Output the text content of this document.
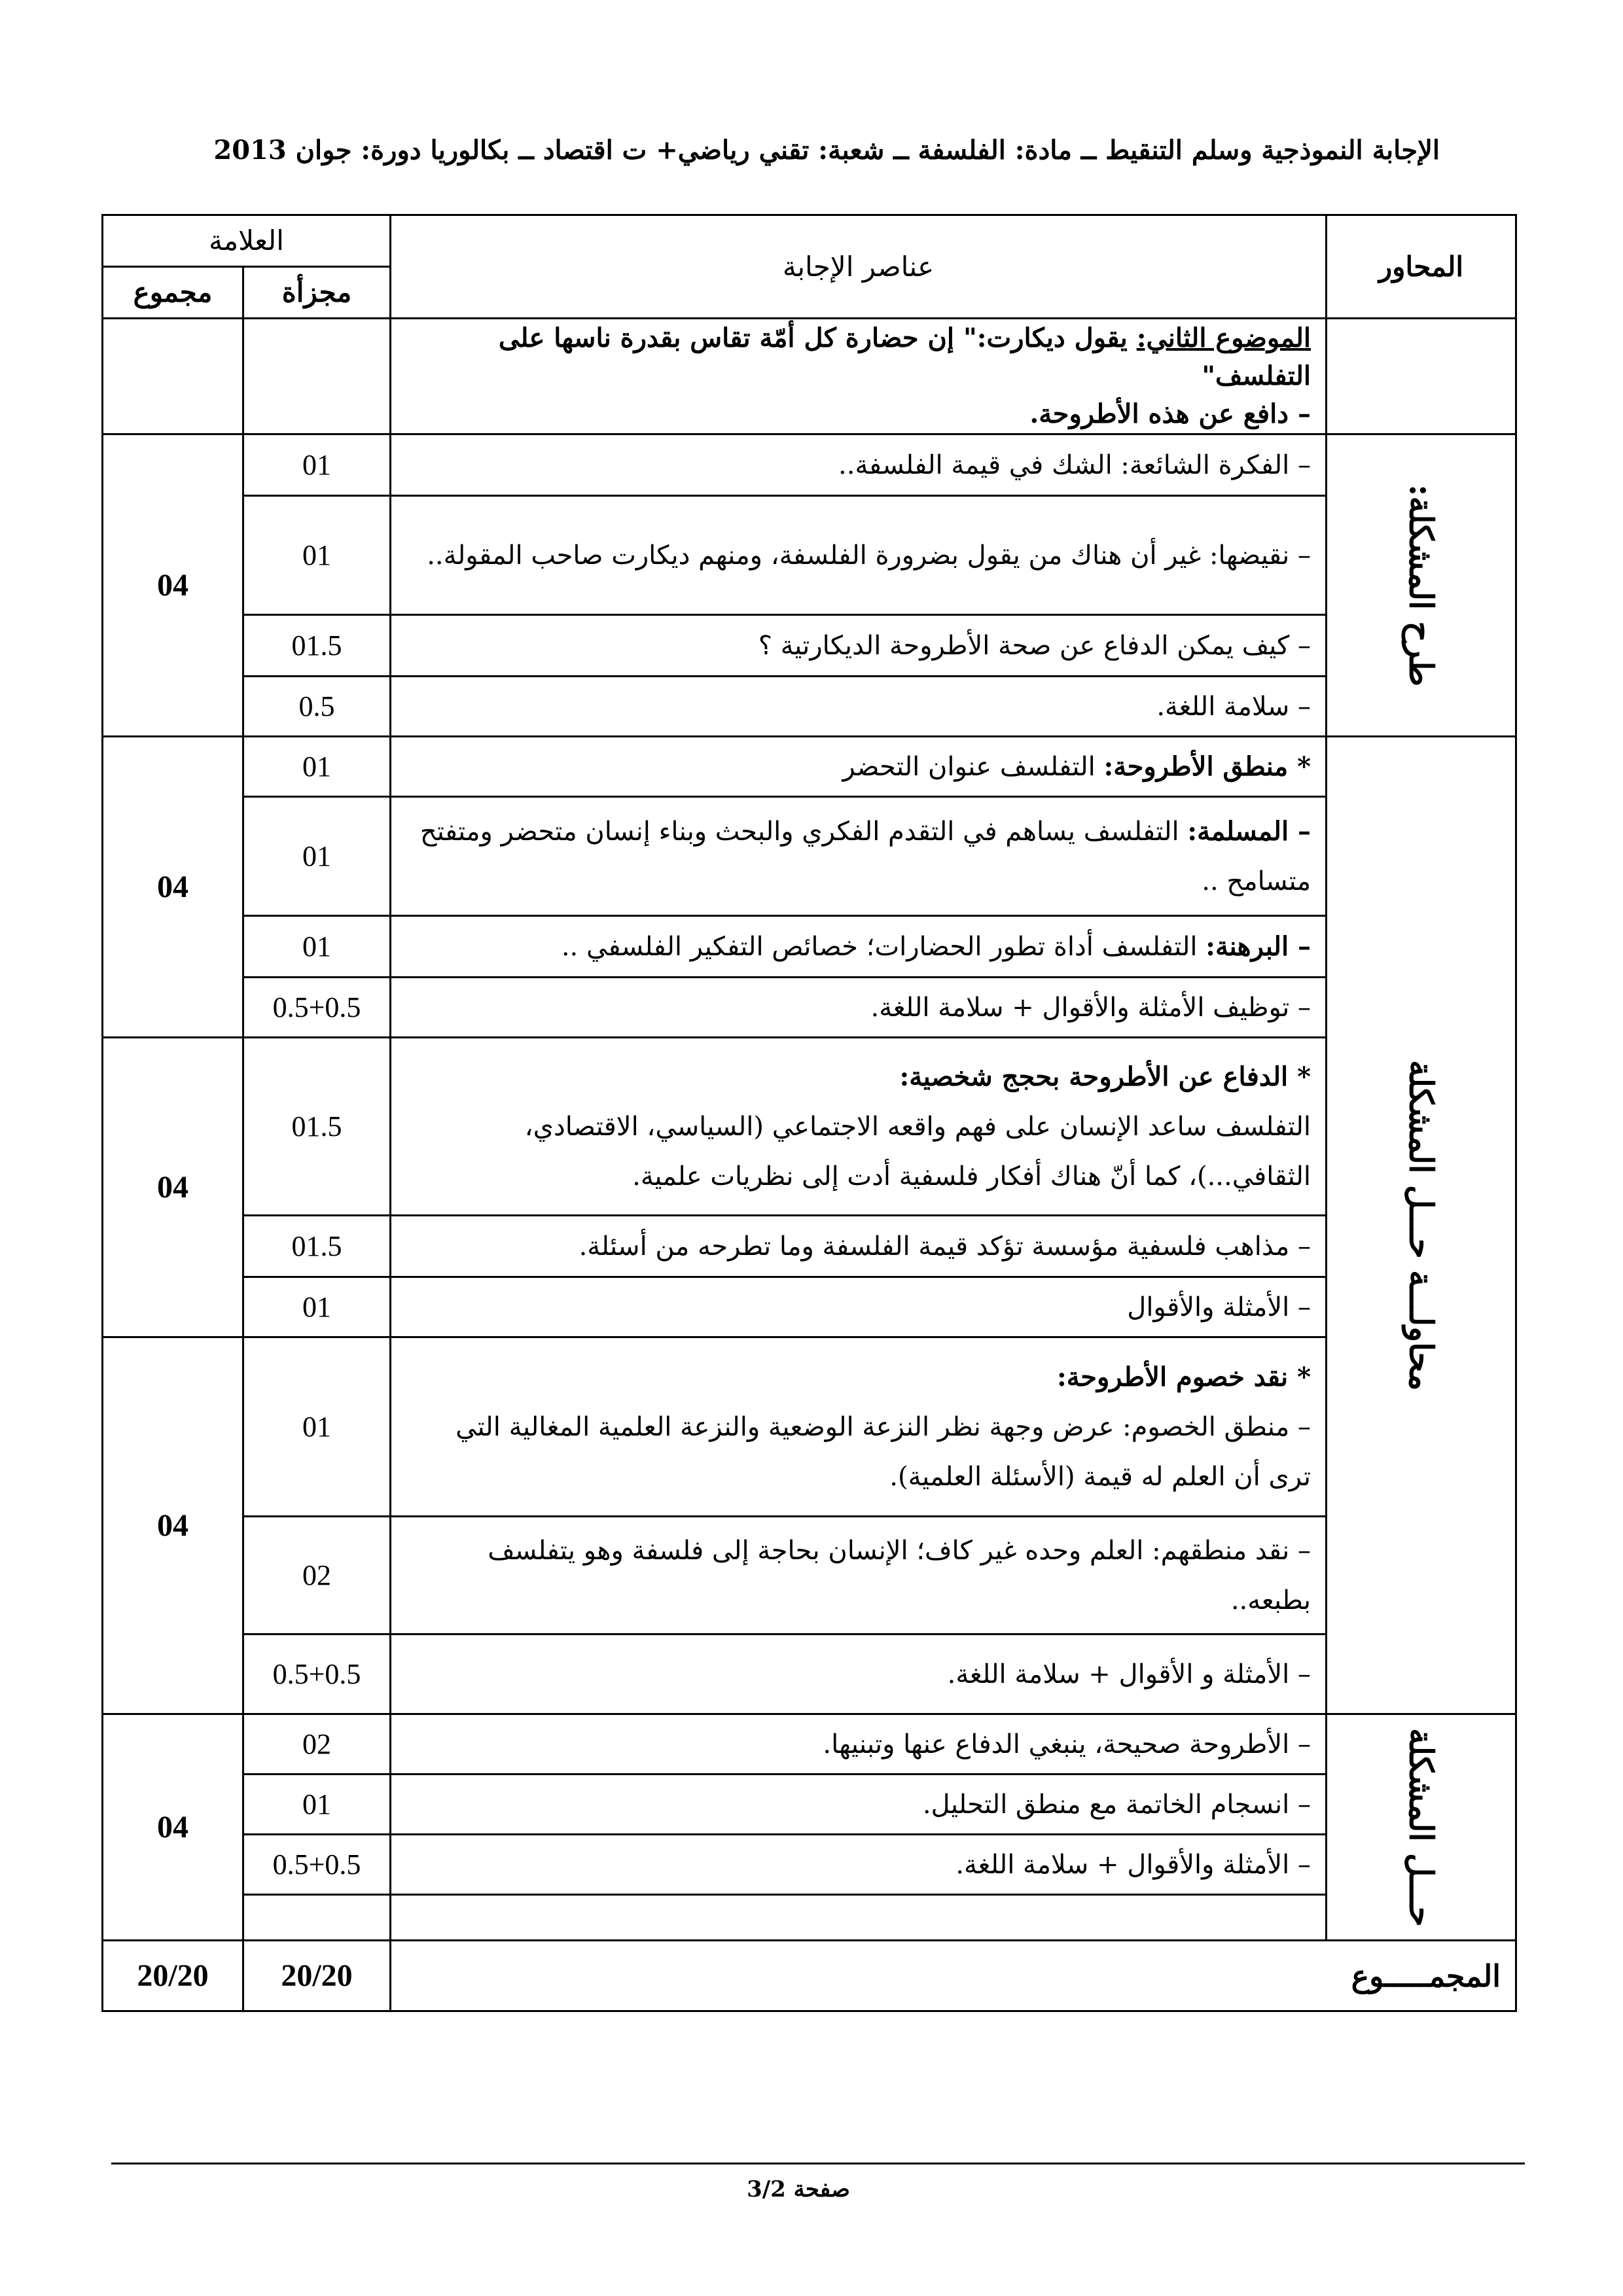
الإجابة النموذجية وسلم التنقيط ــ مادة: الفلسفة ــ شعبة: تقني رياضي+ ت اقتصاد ــ بكالوريا دورة: جوان 2013
المحاور	عناصر الإجابة	العلامة	
		مجزأة	مجموع
	الموضوع الثاني: يقول ديكارت:" إن حضارة كل أمّة تقاس بقدرة ناسها على التفلسف"
– دافع عن هذه الأطروحة.		

طرح المشكلة:	– الفكرة الشائعة: الشك في قيمة الفلسفة..	01	04
	– نقيضها: غير أن هناك من يقول بضرورة الفلسفة، ومنهم ديكارت صاحب المقولة..	01	
	– كيف يمكن الدفاع عن صحة الأطروحة الديكارتية ؟	01.5	
	– سلامة اللغة.	0.5	

محاولـــة حـــل المشكلة	* منطق الأطروحة: التفلسف عنوان التحضر	01	04
	– المسلمة: التفلسف يساهم في التقدم الفكري والبحث وبناء إنسان متحضر ومتفتح متسامح ..	01	
	– البرهنة: التفلسف أداة تطور الحضارات؛ خصائص التفكير الفلسفي ..	01	
	– توظيف الأمثلة والأقوال + سلامة اللغة.	0.5+0.5	
	* الدفاع عن الأطروحة بحجج شخصية:
التفلسف ساعد الإنسان على فهم واقعه الاجتماعي (السياسي، الاقتصادي، الثقافي...)، كما أنّ هناك أفكار فلسفية أدت إلى نظريات علمية.	01.5	04
	– مذاهب فلسفية مؤسسة تؤكد قيمة الفلسفة وما تطرحه من أسئلة.	01.5	
	– الأمثلة والأقوال	01	
	* نقد خصوم الأطروحة:
– منطق الخصوم: عرض وجهة نظر النزعة الوضعية والنزعة العلمية المغالية التي ترى أن العلم له قيمة (الأسئلة العلمية).	01	04
	– نقد منطقهم: العلم وحده غير كاف؛ الإنسان بحاجة إلى فلسفة وهو يتفلسف بطبعه..	02	
	– الأمثلة و الأقوال + سلامة اللغة.	0.5+0.5	

حـــل المشكلة	– الأطروحة صحيحة، ينبغي الدفاع عنها وتبنيها.	02	04
	– انسجام الخاتمة مع منطق التحليل.	01	
	– الأمثلة والأقوال + سلامة اللغة.	0.5+0.5	

المجمـــــوع		20/20	20/20
صفحة 3/2
